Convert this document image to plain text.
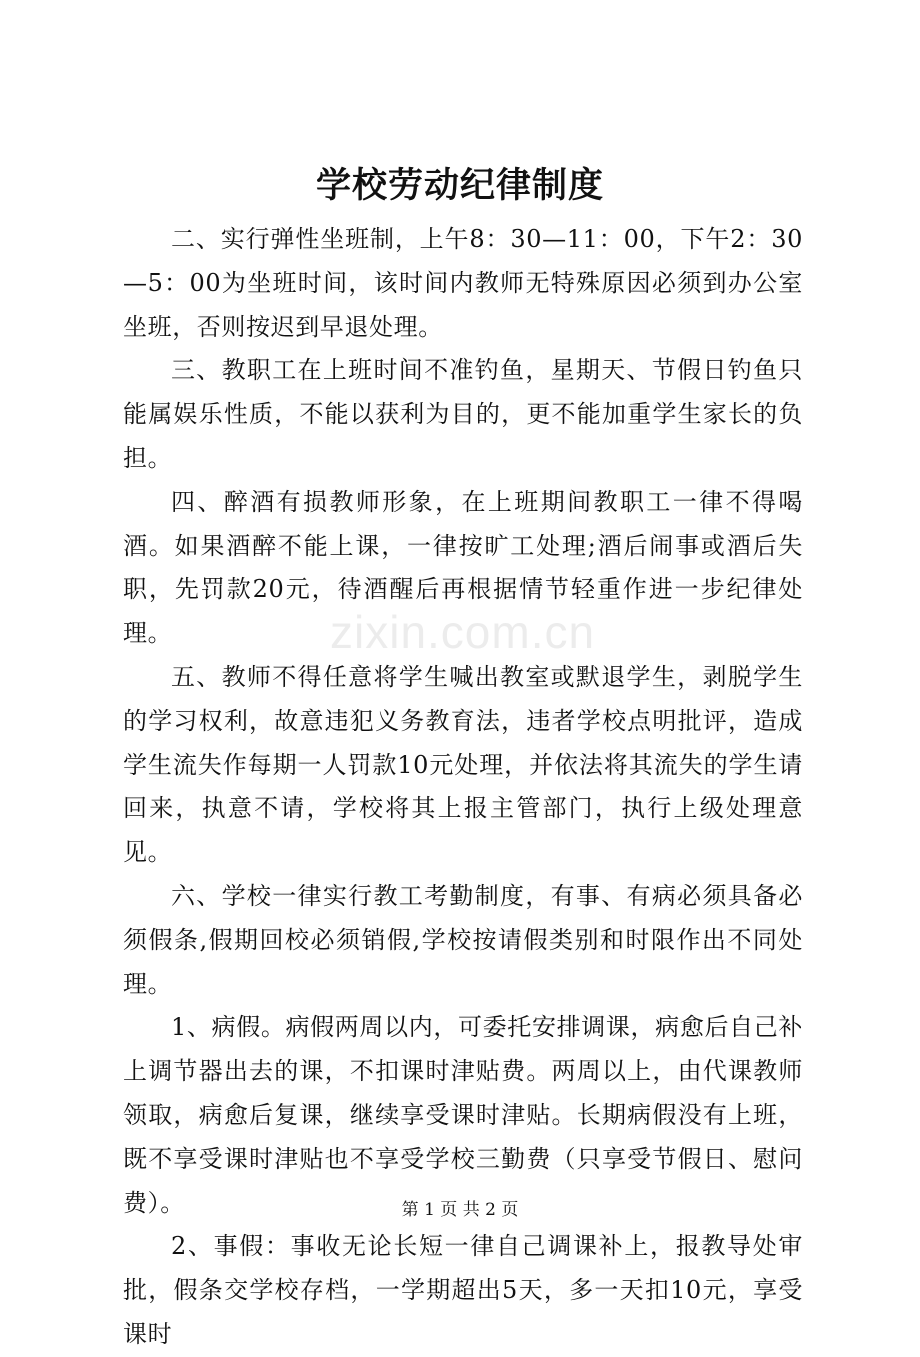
学校劳动纪律制度

二、实行弹性坐班制，上午8：30—11：00，下午2：30—5：00为坐班时间，该时间内教师无特殊原因必须到办公室坐班，否则按迟到早退处理。

三、教职工在上班时间不准钓鱼，星期天、节假日钓鱼只能属娱乐性质，不能以获利为目的，更不能加重学生家长的负担。

四、醉酒有损教师形象，在上班期间教职工一律不得喝酒。如果酒醉不能上课，一律按旷工处理;酒后闹事或酒后失职，先罚款20元，待酒醒后再根据情节轻重作进一步纪律处理。

五、教师不得任意将学生喊出教室或默退学生，剥脱学生的学习权利，故意违犯义务教育法，违者学校点明批评，造成学生流失作每期一人罚款10元处理，并依法将其流失的学生请回来，执意不请，学校将其上报主管部门，执行上级处理意见。

六、学校一律实行教工考勤制度，有事、有病必须具备必须假条,假期回校必须销假,学校按请假类别和时限作出不同处理。

1、病假。病假两周以内，可委托安排调课，病愈后自己补上调节器出去的课，不扣课时津贴费。两周以上，由代课教师领取，病愈后复课，继续享受课时津贴。长期病假没有上班，既不享受课时津贴也不享受学校三勤费（只享受节假日、慰问费）。

2、事假：事收无论长短一律自己调课补上，报教导处审批，假条交学校存档，一学期超出5天，多一天扣10元，享受课时

zixin.com.cn
第 1 页 共 2 页
